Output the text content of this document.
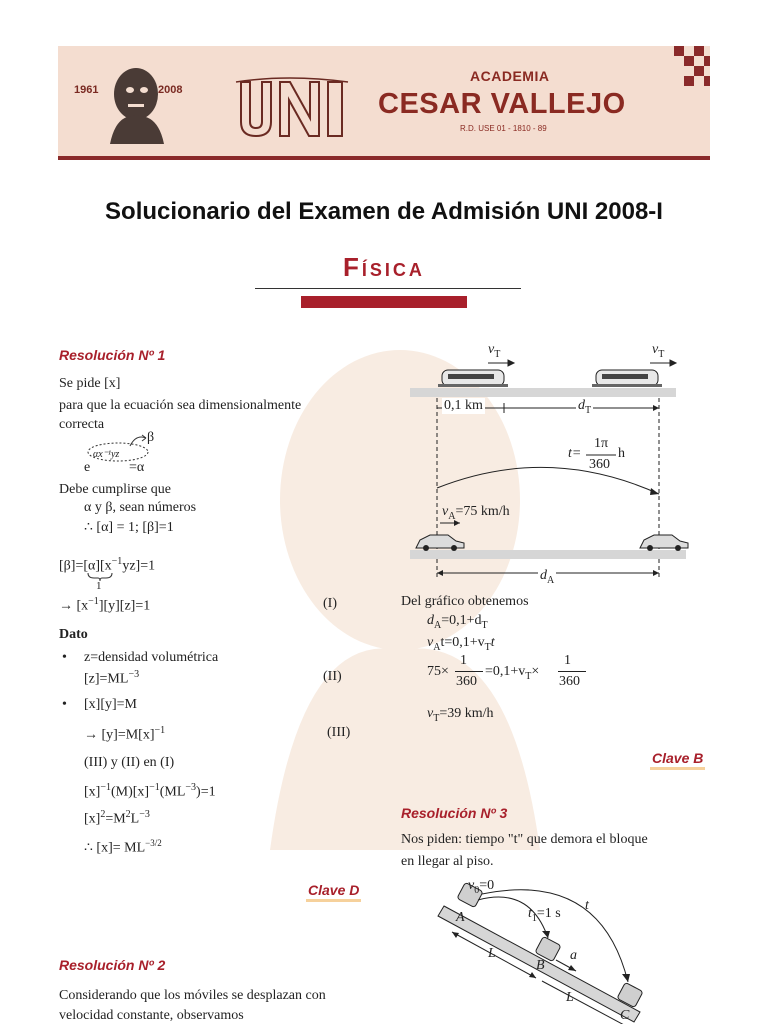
1961	2008
ACADEMIA
CESAR VALLEJO
R.D. USE 01 - 1810 - 89
Solucionario del Examen de Admisión UNI 2008-I
Física
Resolución Nº 1
Se pide [x]
para que la ecuación sea dimensionalmente
correcta
αx⁻¹yz
β
e	=α
Debe cumplirse que
α y β, sean números
∴ [α] = 1; [β]=1
$[\beta]=[\alpha][x^{-1}yz]=1$
1
→ $[x^{-1}][y][z]=1$	(I)
Dato
• z=densidad volumétrica
$[z]=ML^{-3}$	(II)
• [x][y]=M
→ $[y]=M[x]^{-1}$	(III)
(III) y (II) en (I)
$[x]^{-1}(M)[x]^{-1}(ML^{-3})=1$
$[x]^2=M^2L^{-3}$
∴ $[x]= ML^{-3/2}$
Clave D
Resolución Nº 2
Considerando que los móviles se desplazan con
velocidad constante, observamos
$v_T$	$v_T$
0,1 km	$d_T$
t=
1π
360
h
$v_A=75$ km/h
$d_A$
Del gráfico obtenemos
$d_A=0,1+d_T$
$v_At=0,1+v_Tt$
75×
1
360
$=0,1+v_T\times$
1
360
$v_T=39$ km/h
Clave B
Resolución Nº 3
Nos piden: tiempo "t" que demora el bloque
en llegar al piso.
$v_0=0$
A	$t_1=1$ s
t
B
a
L
L
C
